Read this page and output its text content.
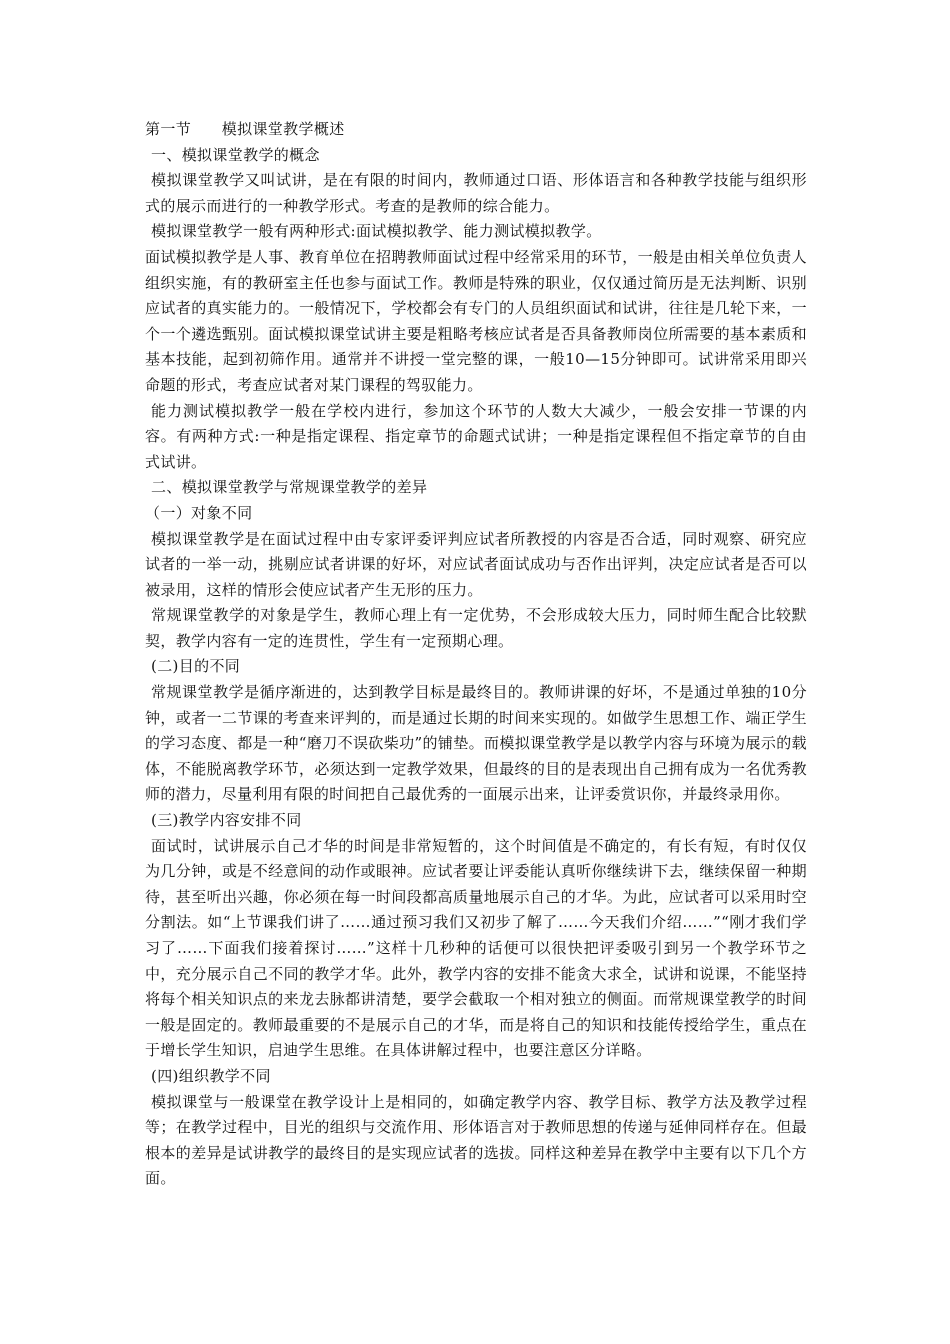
第一节　　模拟课堂教学概述
一、模拟课堂教学的概念
模拟课堂教学又叫试讲，是在有限的时间内，教师通过口语、形体语言和各种教学技能与组织形式的展示而进行的一种教学形式。考查的是教师的综合能力。
模拟课堂教学一般有两种形式:面试模拟教学、能力测试模拟教学。
面试模拟教学是人事、教育单位在招聘教师面试过程中经常采用的环节，一般是由相关单位负责人组织实施，有的教研室主任也参与面试工作。教师是特殊的职业，仅仅通过简历是无法判断、识别应试者的真实能力的。一般情况下，学校都会有专门的人员组织面试和试讲，往往是几轮下来，一个一个遴选甄别。面试模拟课堂试讲主要是粗略考核应试者是否具备教师岗位所需要的基本素质和基本技能，起到初筛作用。通常并不讲授一堂完整的课，一般10—15分钟即可。试讲常采用即兴命题的形式，考查应试者对某门课程的驾驭能力。
能力测试模拟教学一般在学校内进行，参加这个环节的人数大大减少，一般会安排一节课的内容。有两种方式:一种是指定课程、指定章节的命题式试讲；一种是指定课程但不指定章节的自由式试讲。
二、模拟课堂教学与常规课堂教学的差异
（一）对象不同
模拟课堂教学是在面试过程中由专家评委评判应试者所教授的内容是否合适，同时观察、研究应试者的一举一动，挑剔应试者讲课的好坏，对应试者面试成功与否作出评判，决定应试者是否可以被录用，这样的情形会使应试者产生无形的压力。
常规课堂教学的对象是学生，教师心理上有一定优势，不会形成较大压力，同时师生配合比较默契，教学内容有一定的连贯性，学生有一定预期心理。
(二)目的不同
常规课堂教学是循序渐进的，达到教学目标是最终目的。教师讲课的好坏，不是通过单独的10分钟，或者一二节课的考查来评判的，而是通过长期的时间来实现的。如做学生思想工作、端正学生的学习态度、都是一种“磨刀不误砍柴功”的铺垫。而模拟课堂教学是以教学内容与环境为展示的载体，不能脱离教学环节，必须达到一定教学效果，但最终的目的是表现出自己拥有成为一名优秀教师的潜力，尽量利用有限的时间把自己最优秀的一面展示出来，让评委赏识你，并最终录用你。
(三)教学内容安排不同
面试时，试讲展示自己才华的时间是非常短暂的，这个时间值是不确定的，有长有短，有时仅仅为几分钟，或是不经意间的动作或眼神。应试者要让评委能认真听你继续讲下去，继续保留一种期待，甚至听出兴趣，你必须在每一时间段都高质量地展示自己的才华。为此，应试者可以采用时空分割法。如“上节课我们讲了……通过预习我们又初步了解了……今天我们介绍……”“刚才我们学习了……下面我们接着探讨……”这样十几秒种的话便可以很快把评委吸引到另一个教学环节之中，充分展示自己不同的教学才华。此外，教学内容的安排不能贪大求全，试讲和说课，不能坚持将每个相关知识点的来龙去脉都讲清楚，要学会截取一个相对独立的侧面。而常规课堂教学的时间一般是固定的。教师最重要的不是展示自己的才华，而是将自己的知识和技能传授给学生，重点在于增长学生知识，启迪学生思维。在具体讲解过程中，也要注意区分详略。
(四)组织教学不同
模拟课堂与一般课堂在教学设计上是相同的，如确定教学内容、教学目标、教学方法及教学过程等；在教学过程中，目光的组织与交流作用、形体语言对于教师思想的传递与延伸同样存在。但最根本的差异是试讲教学的最终目的是实现应试者的选拔。同样这种差异在教学中主要有以下几个方面。
